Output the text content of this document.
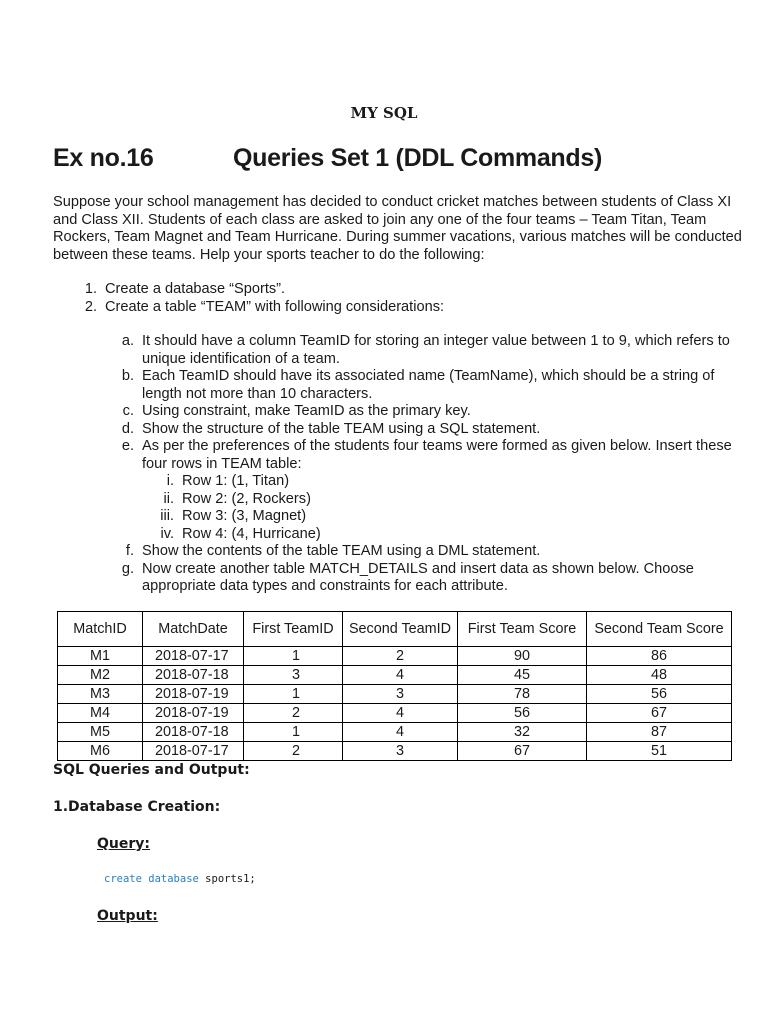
MY SQL
Ex no.16	Queries Set 1 (DDL Commands)
Suppose your school management has decided to conduct cricket matches between students of Class XI and Class XII. Students of each class are asked to join any one of the four teams – Team Titan, Team Rockers, Team Magnet and Team Hurricane. During summer vacations, various matches will be conducted between these teams. Help your sports teacher to do the following:
1. Create a database “Sports”.
2. Create a table “TEAM” with following considerations:
a. It should have a column TeamID for storing an integer value between 1 to 9, which refers to unique identification of a team.
b. Each TeamID should have its associated name (TeamName), which should be a string of length not more than 10 characters.
c. Using constraint, make TeamID as the primary key.
d. Show the structure of the table TEAM using a SQL statement.
e. As per the preferences of the students four teams were formed as given below. Insert these four rows in TEAM table:
i. Row 1: (1, Titan)
ii. Row 2: (2, Rockers)
iii. Row 3: (3, Magnet)
iv. Row 4: (4, Hurricane)
f. Show the contents of the table TEAM using a DML statement.
g. Now create another table MATCH_DETAILS and insert data as shown below. Choose appropriate data types and constraints for each attribute.
MatchID	MatchDate	First TeamID	Second TeamID	First Team Score	Second Team Score
M1	2018-07-17	1	2	90	86
M2	2018-07-18	3	4	45	48
M3	2018-07-19	1	3	78	56
M4	2018-07-19	2	4	56	67
M5	2018-07-18	1	4	32	87
M6	2018-07-17	2	3	67	51
SQL Queries and Output:
1.Database Creation:
Query:
create database sports1;
Output:
